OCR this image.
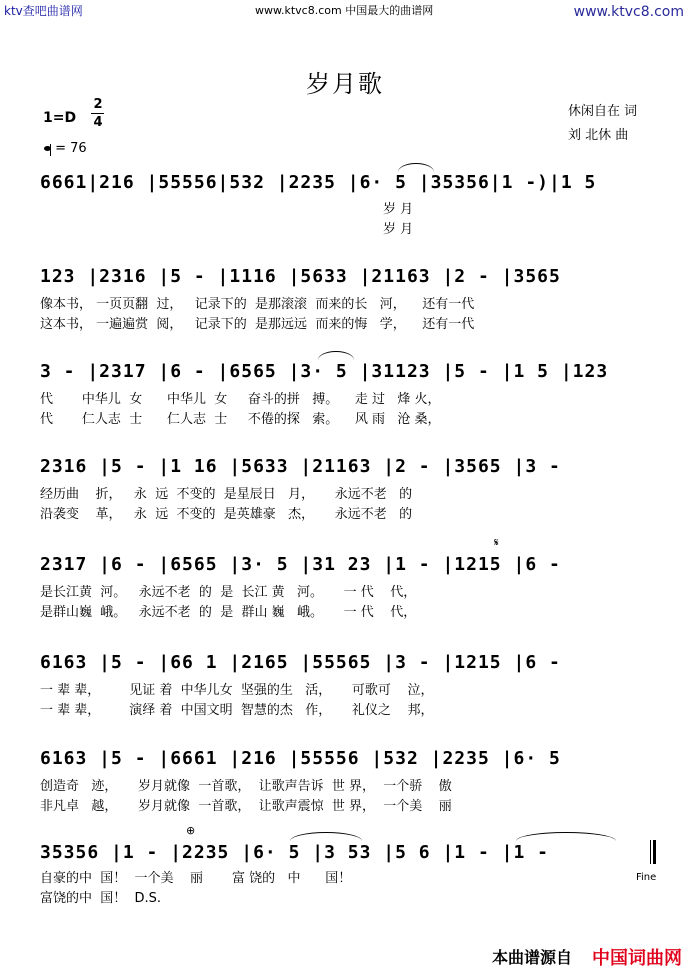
ktv查吧曲谱网	www.ktvc8.com 中国最大的曲谱网	www.ktvc8.com
岁月歌
休闲自在 词
刘 北休 曲
1=D
2
4
= 76
6661|216 |55556|532 |2235 |6· 5 |35356|1 -)|1 5
岁 月
岁 月
123 |2316 |5 - |1116 |5633 |21163 |2 - |3565
像本书， 一页页翻  过，   记录下的  是那滚滚  而来的长   河，    还有一代
这本书， 一遍遍赏  阅，   记录下的  是那远远  而来的悔   学，    还有一代
3 - |2317 |6 - |6565 |3· 5 |31123 |5 - |1 5 |123
代       中华儿  女      中华儿  女     奋斗的拼   搏。    走 过   烽 火，
代       仁人志  士      仁人志  士     不倦的探   索。    风 雨   沧 桑，
2316 |5 - |1 16 |5633 |21163 |2 - |3565 |3 -
经历曲    折，   永  远  不变的  是星辰日   月，     永远不老   的
沿袭变    革，   永  远  不变的  是英雄豪   杰，     永远不老   的
𝄋
2317 |6 - |6565 |3· 5 |31 23 |1 - |1215 |6 -
是长江黄  河。   永远不老  的  是  长江 黄   河。     一 代    代，
是群山巍  峨。   永远不老  的  是  群山 巍   峨。     一 代    代，
6163 |5 - |66 1 |2165 |55565 |3 - |1215 |6 -
一 辈 辈，       见证 着  中华儿女  坚强的生   活，     可歌可    泣，
一 辈 辈，       演绎 着  中国文明  智慧的杰   作，     礼仪之    邦，
6163 |5 - |6661 |216 |55556 |532 |2235 |6· 5
创造奇   迹，     岁月就像  一首歌，  让歌声告诉  世 界，  一个骄    傲
非凡卓   越，     岁月就像  一首歌，  让歌声震惊  世 界，  一个美    丽
⊕
35356 |1 - |2235 |6· 5 |3 53 |5 6 |1 - |1 -
自豪的中  国！  一个美    丽       富 饶的   中      国！
富饶的中  国！  D.S.
Fine
本曲谱源自 中国词曲网
